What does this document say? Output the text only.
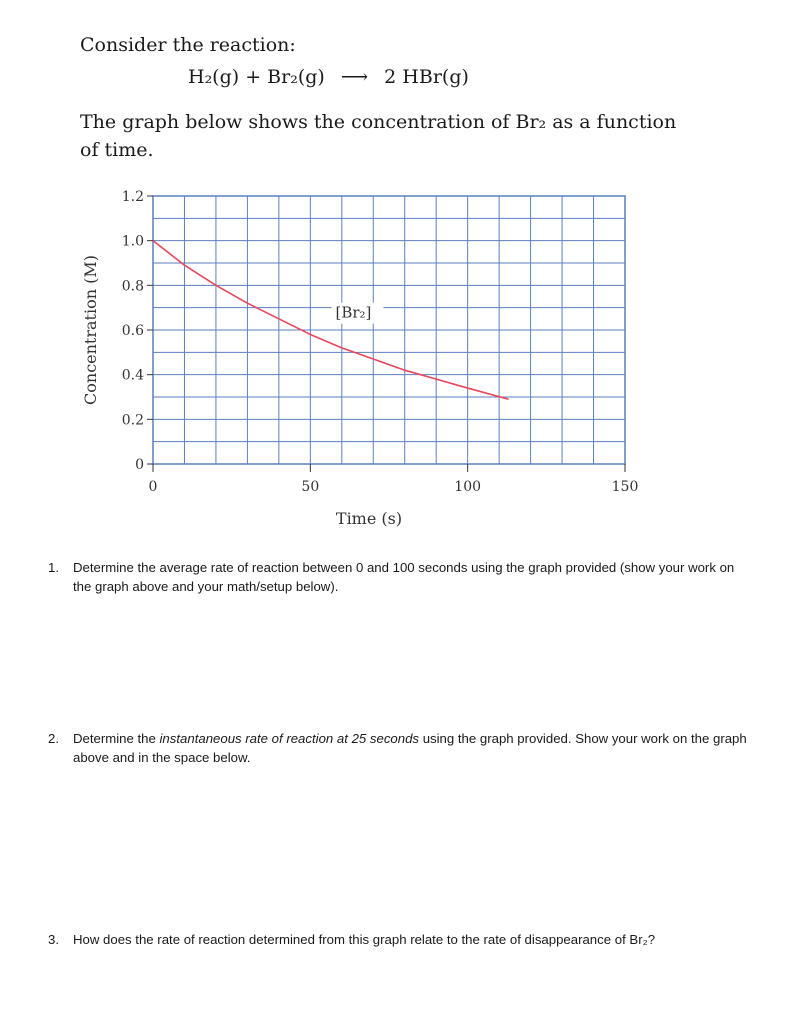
Consider the reaction:
H₂(g) + Br₂(g) ⟶ 2 HBr(g)
The graph below shows the concentration of Br₂ as a function of time.
0
0.2
0.4
0.6
0.8
1.0
1.2
0	50	100	150
Time (s)
Concentration (M)	[Br₂]
1. Determine the average rate of reaction between 0 and 100 seconds using the graph provided (show your work on the graph above and your math/setup below).
2. Determine the instantaneous rate of reaction at 25 seconds using the graph provided. Show your work on the graph above and in the space below.
3. How does the rate of reaction determined from this graph relate to the rate of disappearance of Br₂?
